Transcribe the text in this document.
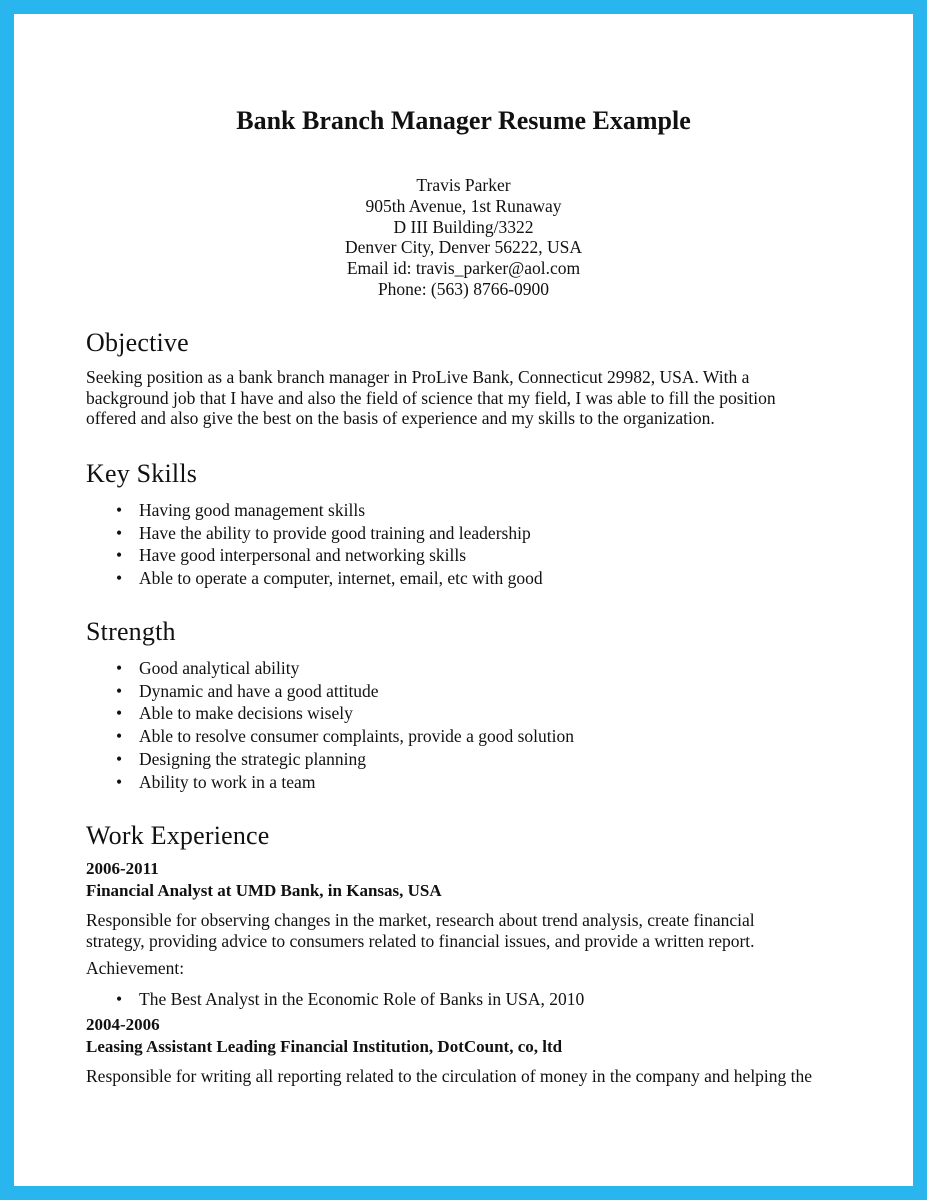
Bank Branch Manager Resume Example
Travis Parker
905th Avenue, 1st Runaway
D III Building/3322
Denver City, Denver 56222, USA
Email id: travis_parker@aol.com
Phone: (563) 8766-0900
Objective

Seeking position as a bank branch manager in ProLive Bank, Connecticut 29982, USA. With a
background job that I have and also the field of science that my field, I was able to fill the position
offered and also give the best on the basis of experience and my skills to the organization.

Key Skills
• Having good management skills
• Have the ability to provide good training and leadership
• Have good interpersonal and networking skills
• Able to operate a computer, internet, email, etc with good
Strength
• Good analytical ability
• Dynamic and have a good attitude
• Able to make decisions wisely
• Able to resolve consumer complaints, provide a good solution
• Designing the strategic planning
• Ability to work in a team
Work Experience

2006-2011

Financial Analyst at UMD Bank, in Kansas, USA

Responsible for observing changes in the market, research about trend analysis, create financial
strategy, providing advice to consumers related to financial issues, and provide a written report.

Achievement:

• The Best Analyst in the Economic Role of Banks in USA, 2010

2004-2006

Leasing Assistant Leading Financial Institution, DotCount, co, ltd

Responsible for writing all reporting related to the circulation of money in the company and helping the
